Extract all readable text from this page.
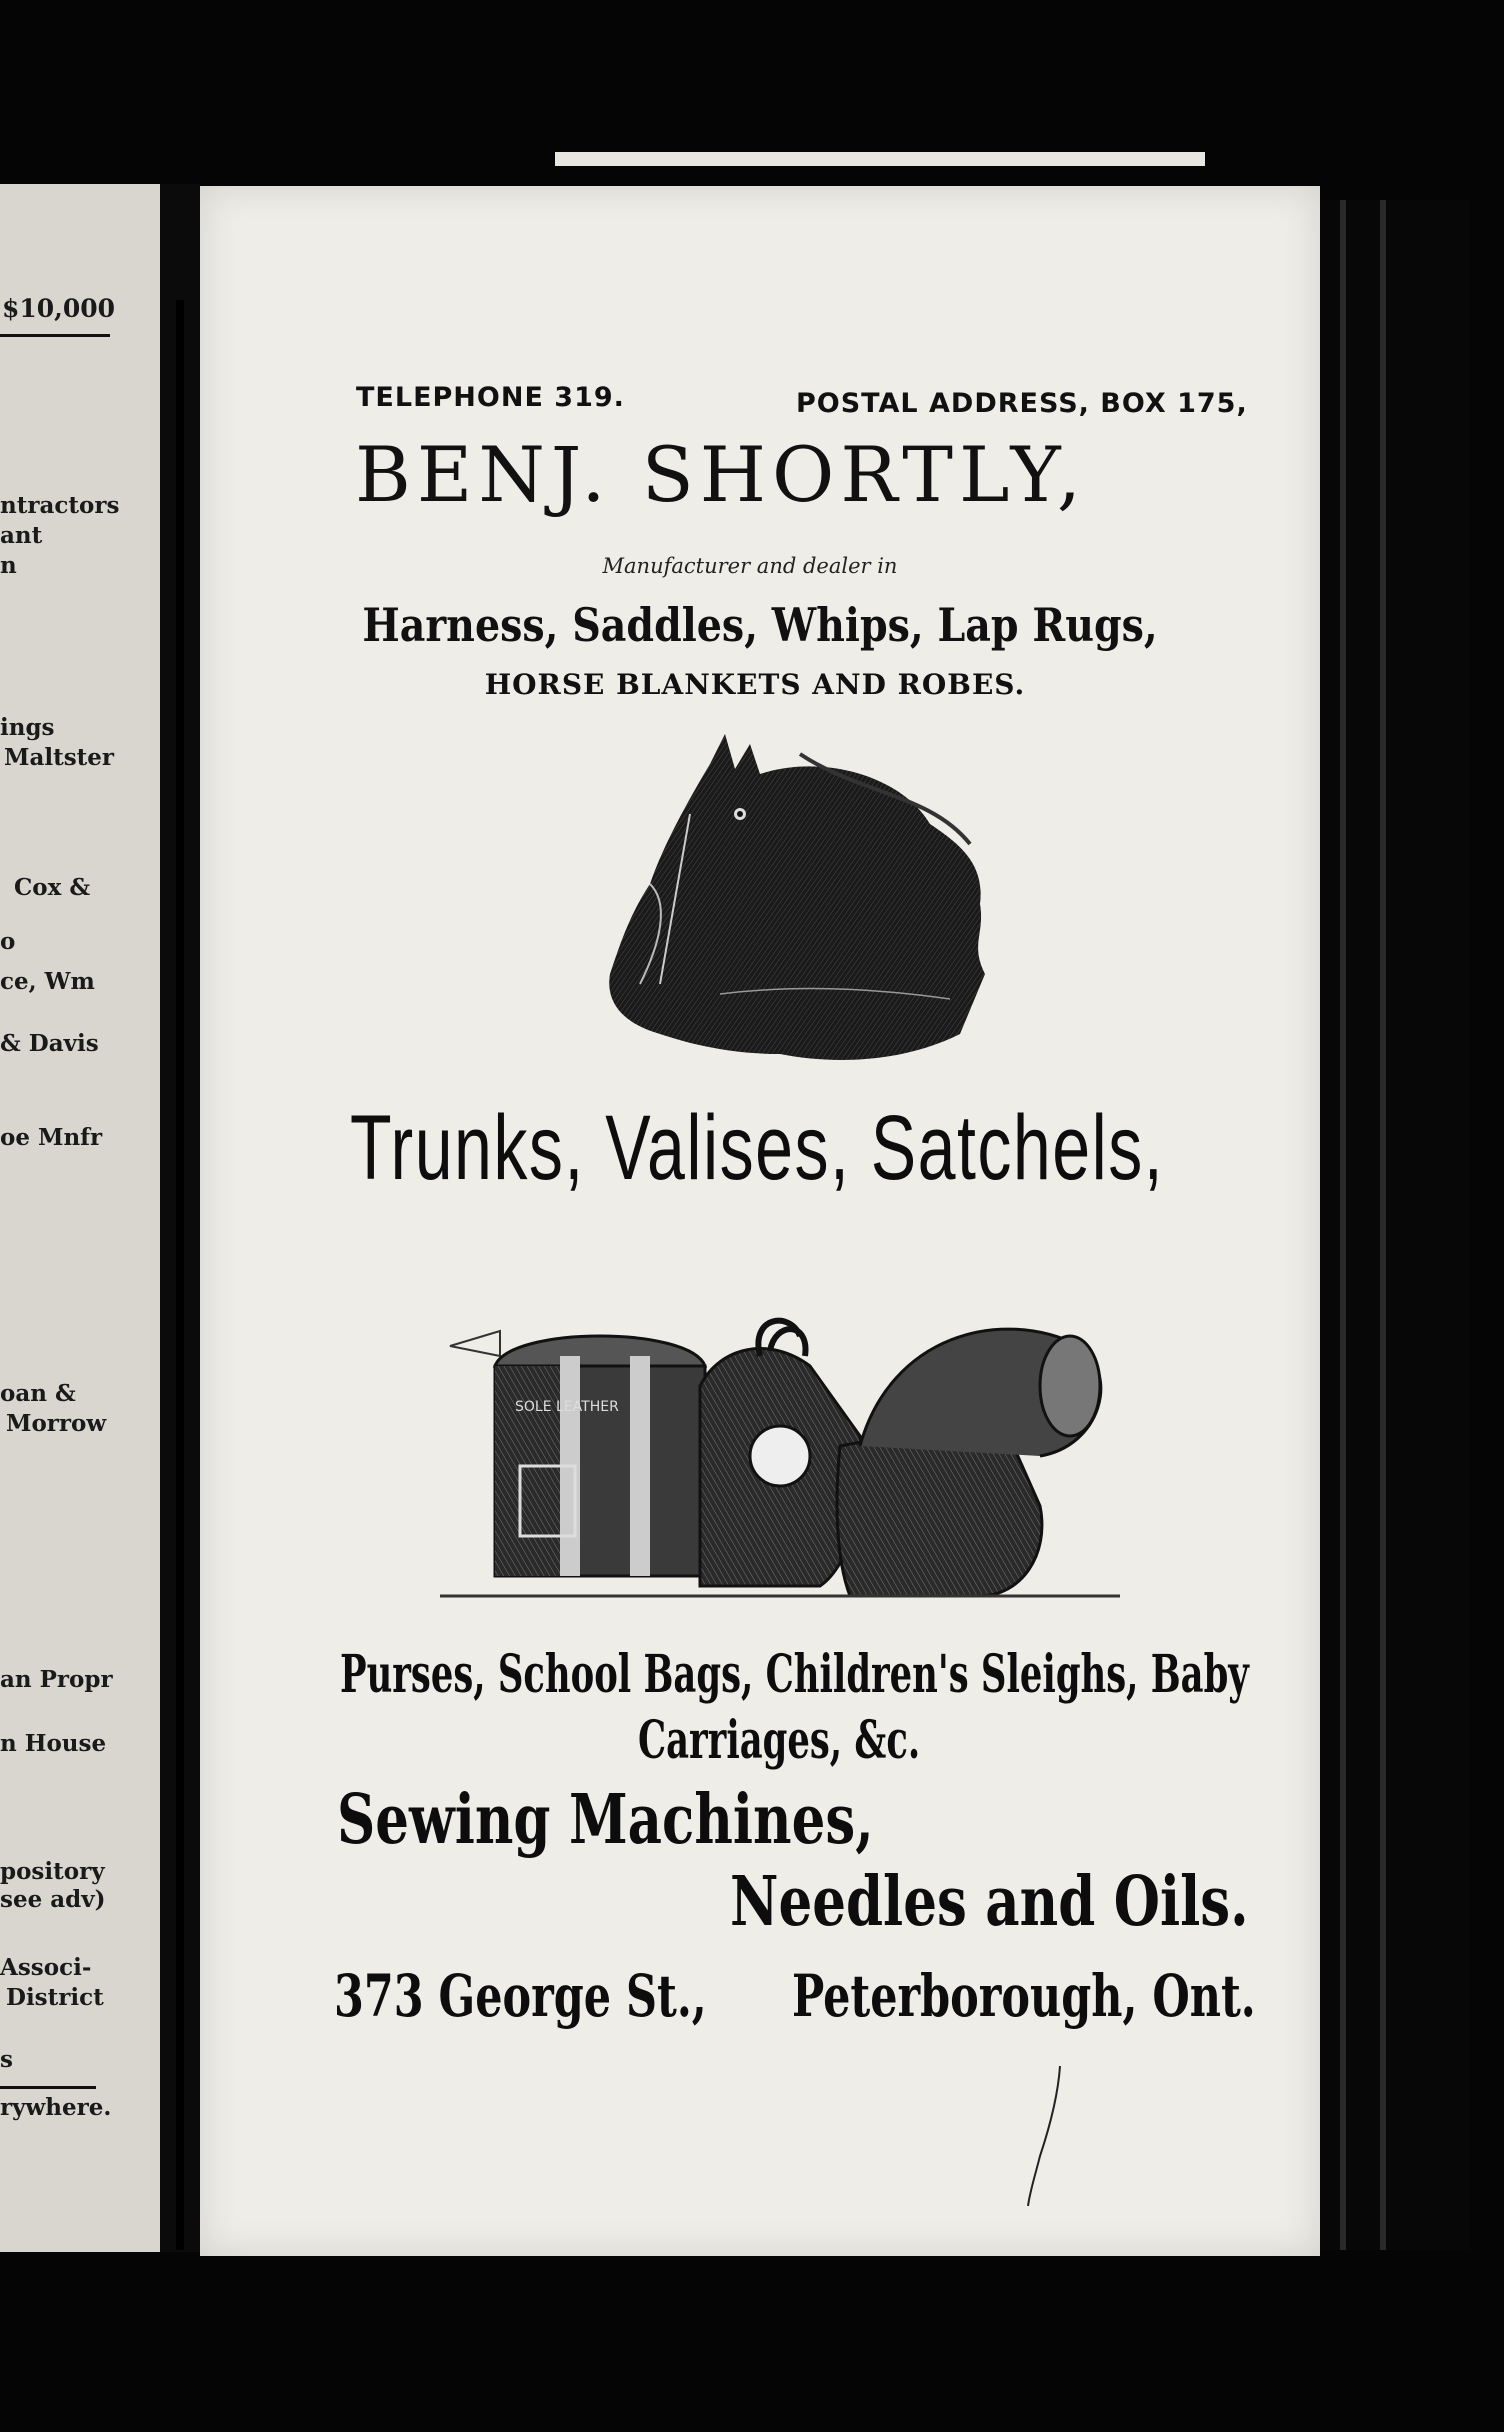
$10,000
ntractors
ant
n
ings
Maltster
Cox &
o
ce, Wm
& Davis
oe Mnfr
oan &
Morrow
an Propr
n House
pository
see adv)
Associ-
District
s
rywhere.
TELEPHONE 319.	POSTAL ADDRESS, BOX 175,
BENJ. SHORTLY,
Manufacturer and dealer in
Harness, Saddles, Whips, Lap Rugs,
HORSE BLANKETS AND ROBES.
Trunks, Valises, Satchels,
SOLE LEATHER
Purses, School Bags, Children's Sleighs, Baby
Carriages, &c.
Sewing Machines,
Needles and Oils.
373 George St., Peterborough, Ont.
